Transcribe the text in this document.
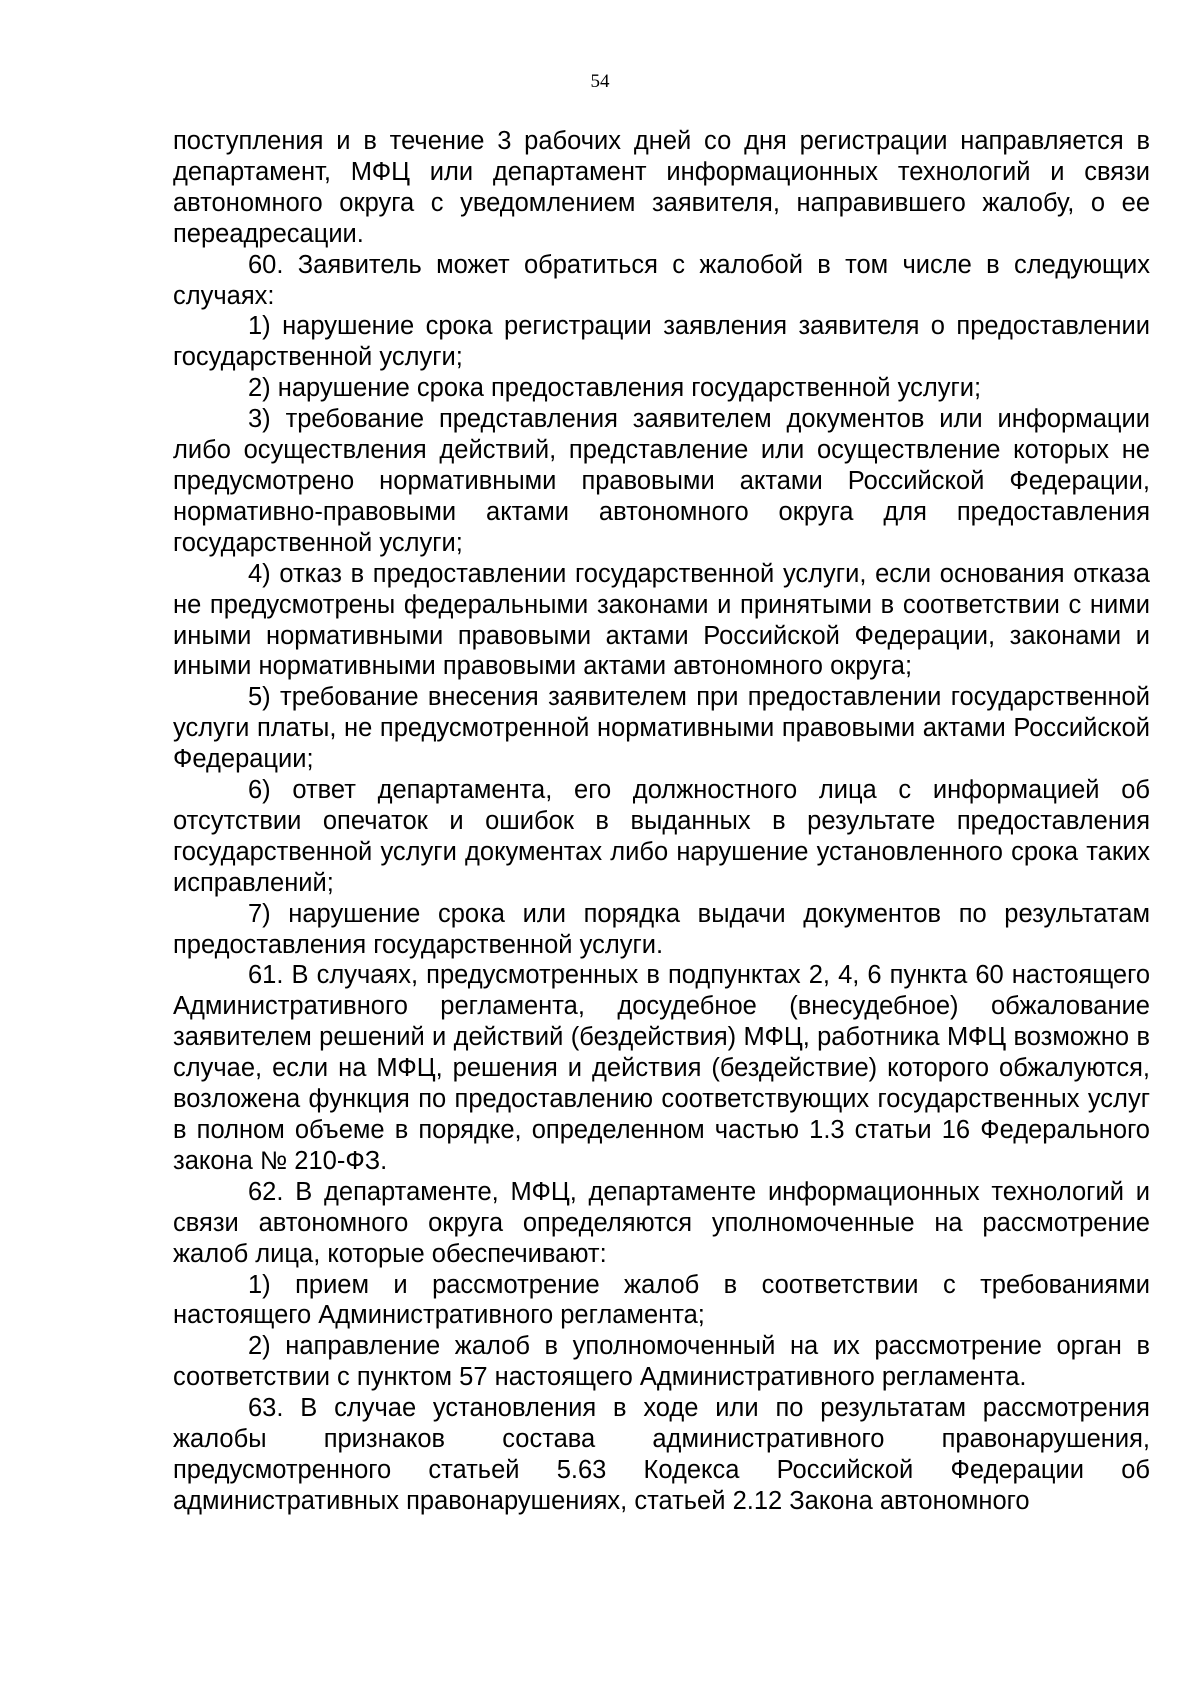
54

поступления и в течение 3 рабочих дней со дня регистрации направляется в департамент, МФЦ или департамент информационных технологий и связи автономного округа с уведомлением заявителя, направившего жалобу, о ее переадресации.

60. Заявитель может обратиться с жалобой в том числе в следующих случаях:

1) нарушение срока регистрации заявления заявителя о предоставлении государственной услуги;

2) нарушение срока предоставления государственной услуги;

3) требование представления заявителем документов или информации либо осуществления действий, представление или осуществление которых не предусмотрено нормативными правовыми актами Российской Федерации, нормативно-правовыми актами автономного округа для предоставления государственной услуги;

4) отказ в предоставлении государственной услуги, если основания отказа не предусмотрены федеральными законами и принятыми в соответствии с ними иными нормативными правовыми актами Российской Федерации, законами и иными нормативными правовыми актами автономного округа;

5) требование внесения заявителем при предоставлении государственной услуги платы, не предусмотренной нормативными правовыми актами Российской Федерации;

6) ответ департамента, его должностного лица с информацией об отсутствии опечаток и ошибок в выданных в результате предоставления государственной услуги документах либо нарушение установленного срока таких исправлений;

7) нарушение срока или порядка выдачи документов по результатам предоставления государственной услуги.

61. В случаях, предусмотренных в подпунктах 2, 4, 6 пункта 60 настоящего Административного регламента, досудебное (внесудебное) обжалование заявителем решений и действий (бездействия) МФЦ, работника МФЦ возможно в случае, если на МФЦ, решения и действия (бездействие) которого обжалуются, возложена функция по предоставлению соответствующих государственных услуг в полном объеме в порядке, определенном частью 1.3 статьи 16 Федерального закона № 210-ФЗ.

62. В департаменте, МФЦ, департаменте информационных технологий и связи автономного округа определяются уполномоченные на рассмотрение жалоб лица, которые обеспечивают:

1) прием и рассмотрение жалоб в соответствии с требованиями настоящего Административного регламента;

2) направление жалоб в уполномоченный на их рассмотрение орган в соответствии с пунктом 57 настоящего Административного регламента.

63. В случае установления в ходе или по результатам рассмотрения жалобы признаков состава административного правонарушения, предусмотренного статьей 5.63 Кодекса Российской Федерации об административных правонарушениях, статьей 2.12 Закона автономного
